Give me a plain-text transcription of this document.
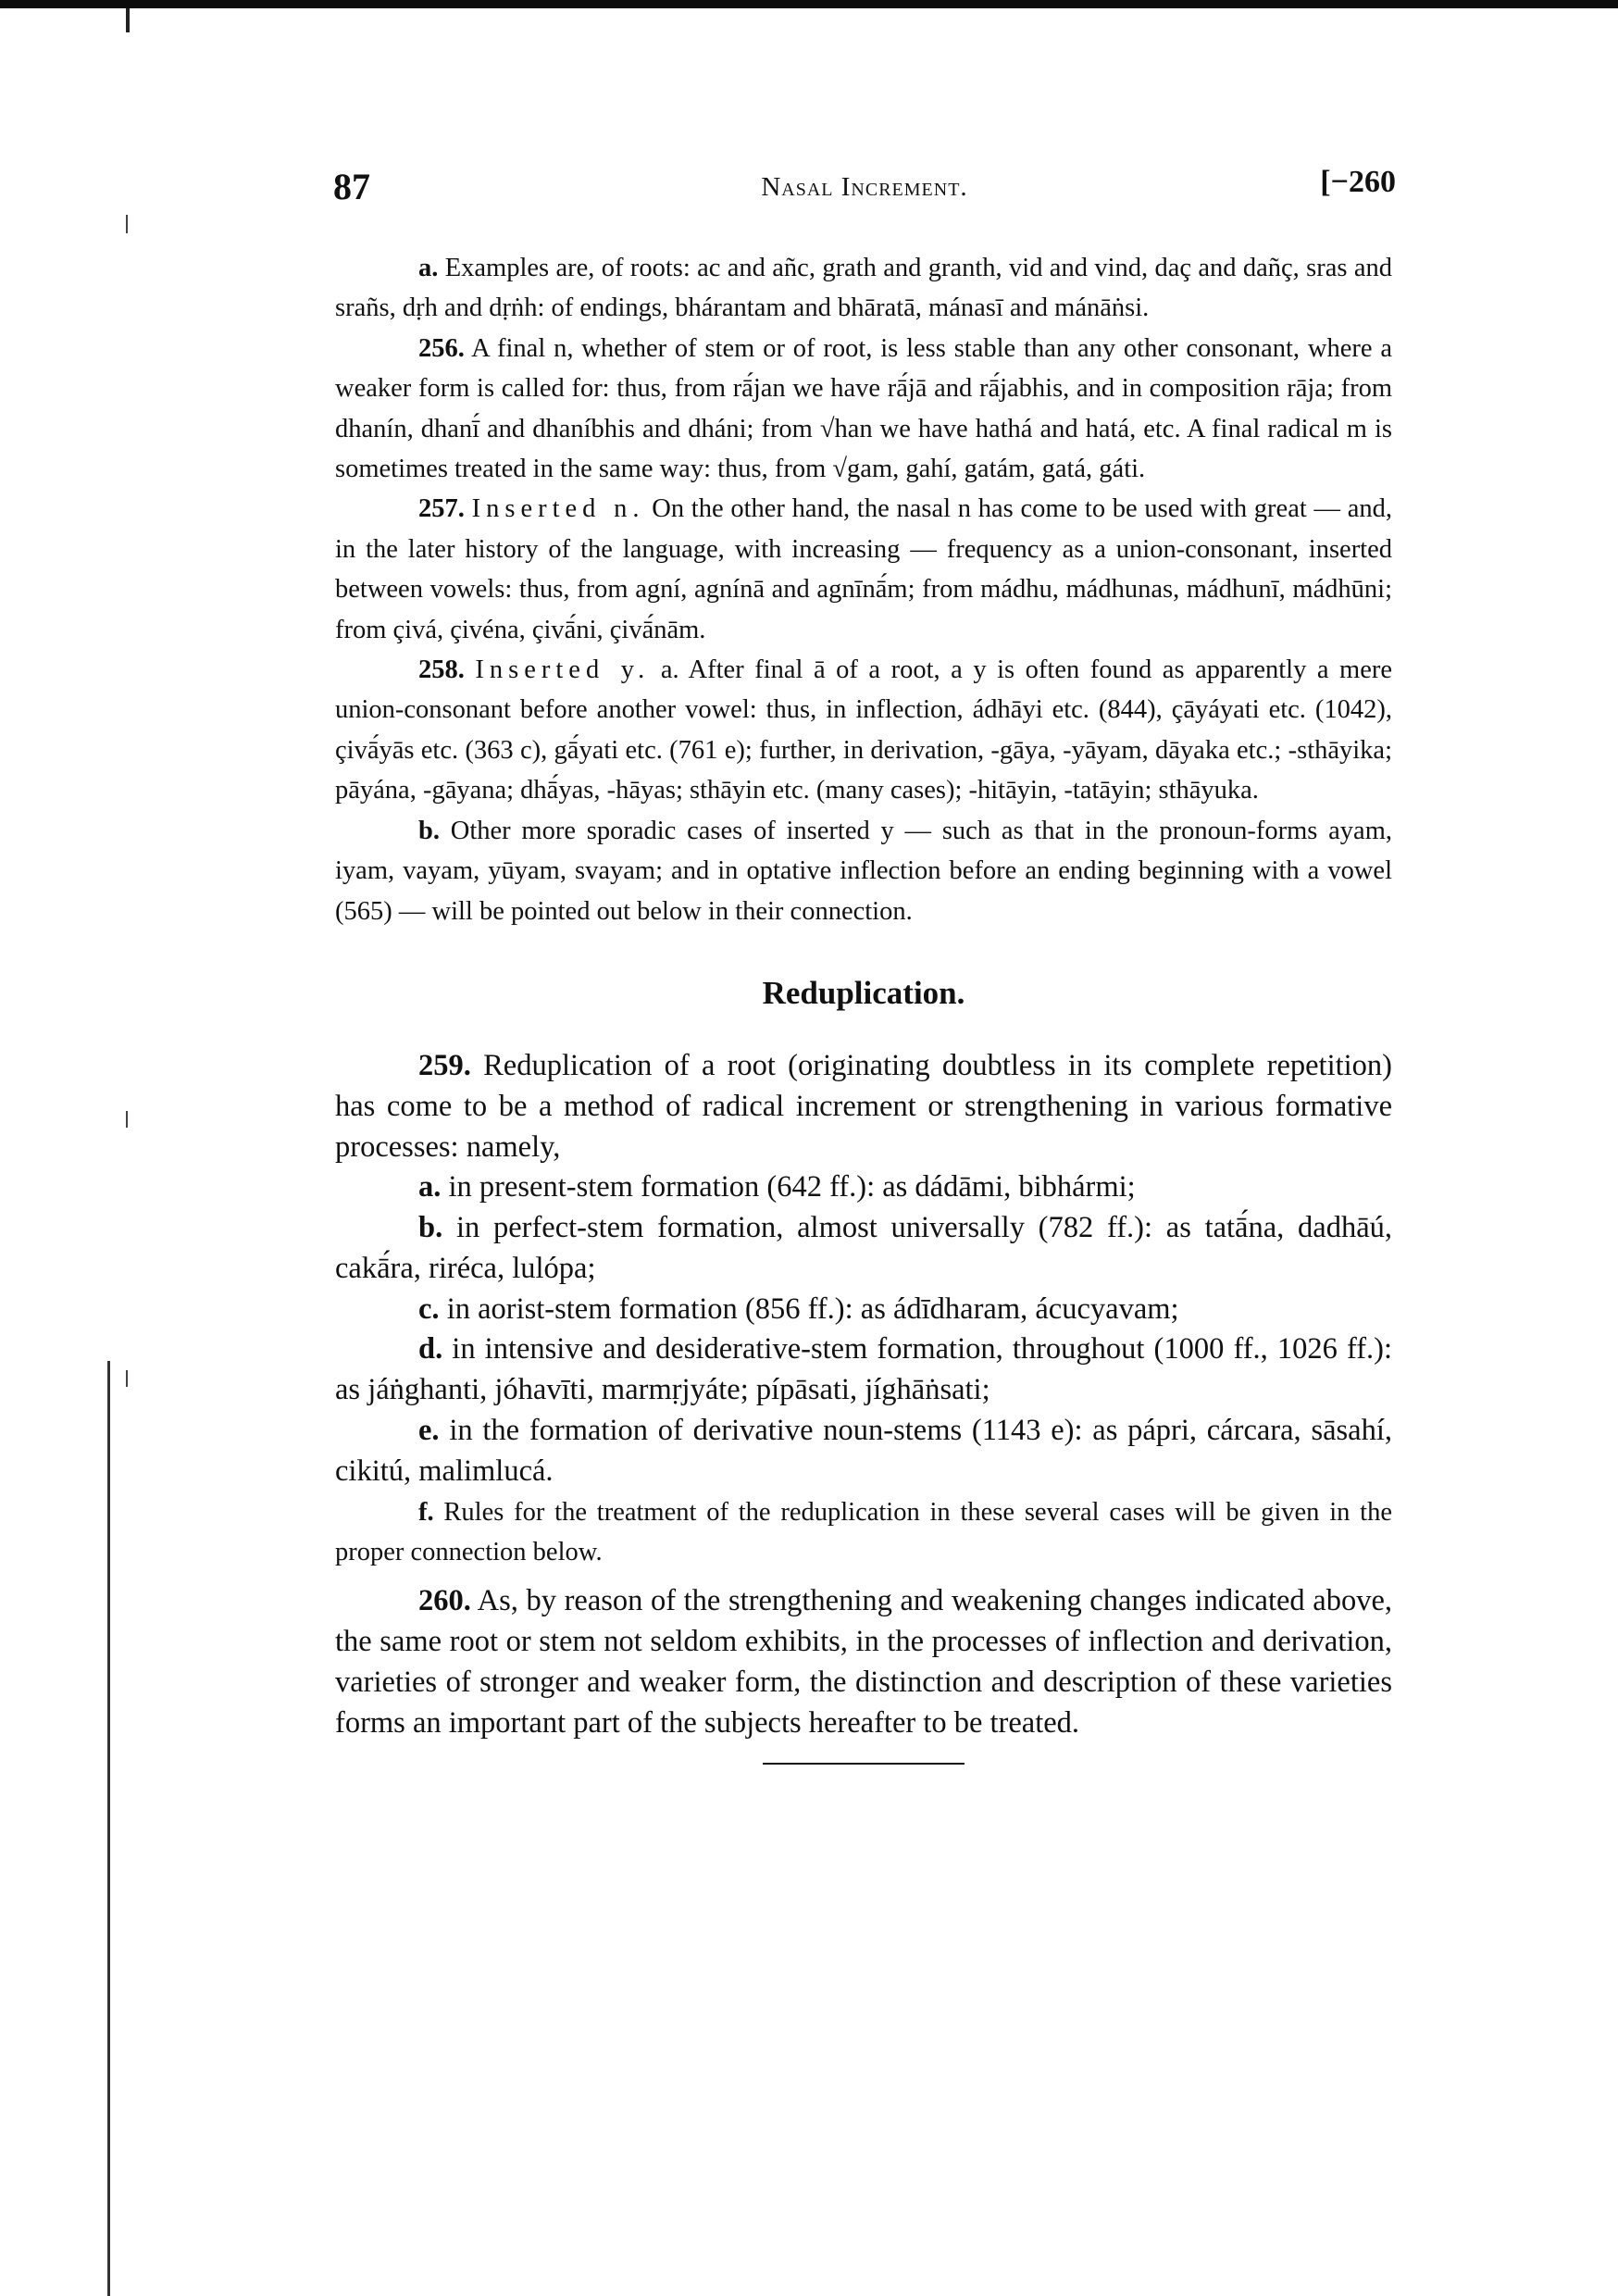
87	Nasal Increment.	[−260

a. Examples are, of roots: ac and añc, grath and granth, vid and vind, daç and dañç, sras and srañs, dṛh and dṛṅh: of endings, bhárantam and bhāratā, mánasī and mánāṅsi.

256. A final n, whether of stem or of root, is less stable than any other consonant, where a weaker form is called for: thus, from rā́jan we have rā́jā and rā́jabhis, and in composition rāja; from dhanín, dhanī́ and dhaníbhis and dháni; from √han we have hathá and hatá, etc. A final radical m is sometimes treated in the same way: thus, from √gam, gahí, gatám, gatá, gáti.

257. Inserted n. On the other hand, the nasal n has come to be used with great — and, in the later history of the language, with increasing — frequency as a union-consonant, inserted between vowels: thus, from agní, agnínā and agnīnā́m; from mádhu, mádhunas, mádhunī, mádhūni; from çivá, çivéna, çivā́ni, çivā́nām.

258. Inserted y. a. After final ā of a root, a y is often found as apparently a mere union-consonant before another vowel: thus, in inflection, ádhāyi etc. (844), çāyáyati etc. (1042), çivā́yās etc. (363 c), gā́yati etc. (761 e); further, in derivation, -gāya, -yāyam, dāyaka etc.; -sthāyika; pāyána, -gāyana; dhā́yas, -hāyas; sthāyin etc. (many cases); -hitāyin, -tatāyin; sthāyuka.

b. Other more sporadic cases of inserted y — such as that in the pronoun-forms ayam, iyam, vayam, yūyam, svayam; and in optative inflection before an ending beginning with a vowel (565) — will be pointed out below in their connection.

Reduplication.

259. Reduplication of a root (originating doubtless in its complete repetition) has come to be a method of radical increment or strengthening in various formative processes: namely,

a. in present-stem formation (642 ff.): as dádāmi, bibhármi;

b. in perfect-stem formation, almost universally (782 ff.): as tatā́na, dadhāú, cakā́ra, riréca, lulópa;

c. in aorist-stem formation (856 ff.): as ádīdharam, ácucyavam;

d. in intensive and desiderative-stem formation, throughout (1000 ff., 1026 ff.): as jáṅghanti, jóhavīti, marmṛjyáte; pípāsati, jíghāṅsati;

e. in the formation of derivative noun-stems (1143 e): as pápri, cárcara, sāsahí, cikitú, malimlucá.

f. Rules for the treatment of the reduplication in these several cases will be given in the proper connection below.

260. As, by reason of the strengthening and weakening changes indicated above, the same root or stem not seldom exhibits, in the processes of inflection and derivation, varieties of stronger and weaker form, the distinction and description of these varieties forms an important part of the subjects hereafter to be treated.
